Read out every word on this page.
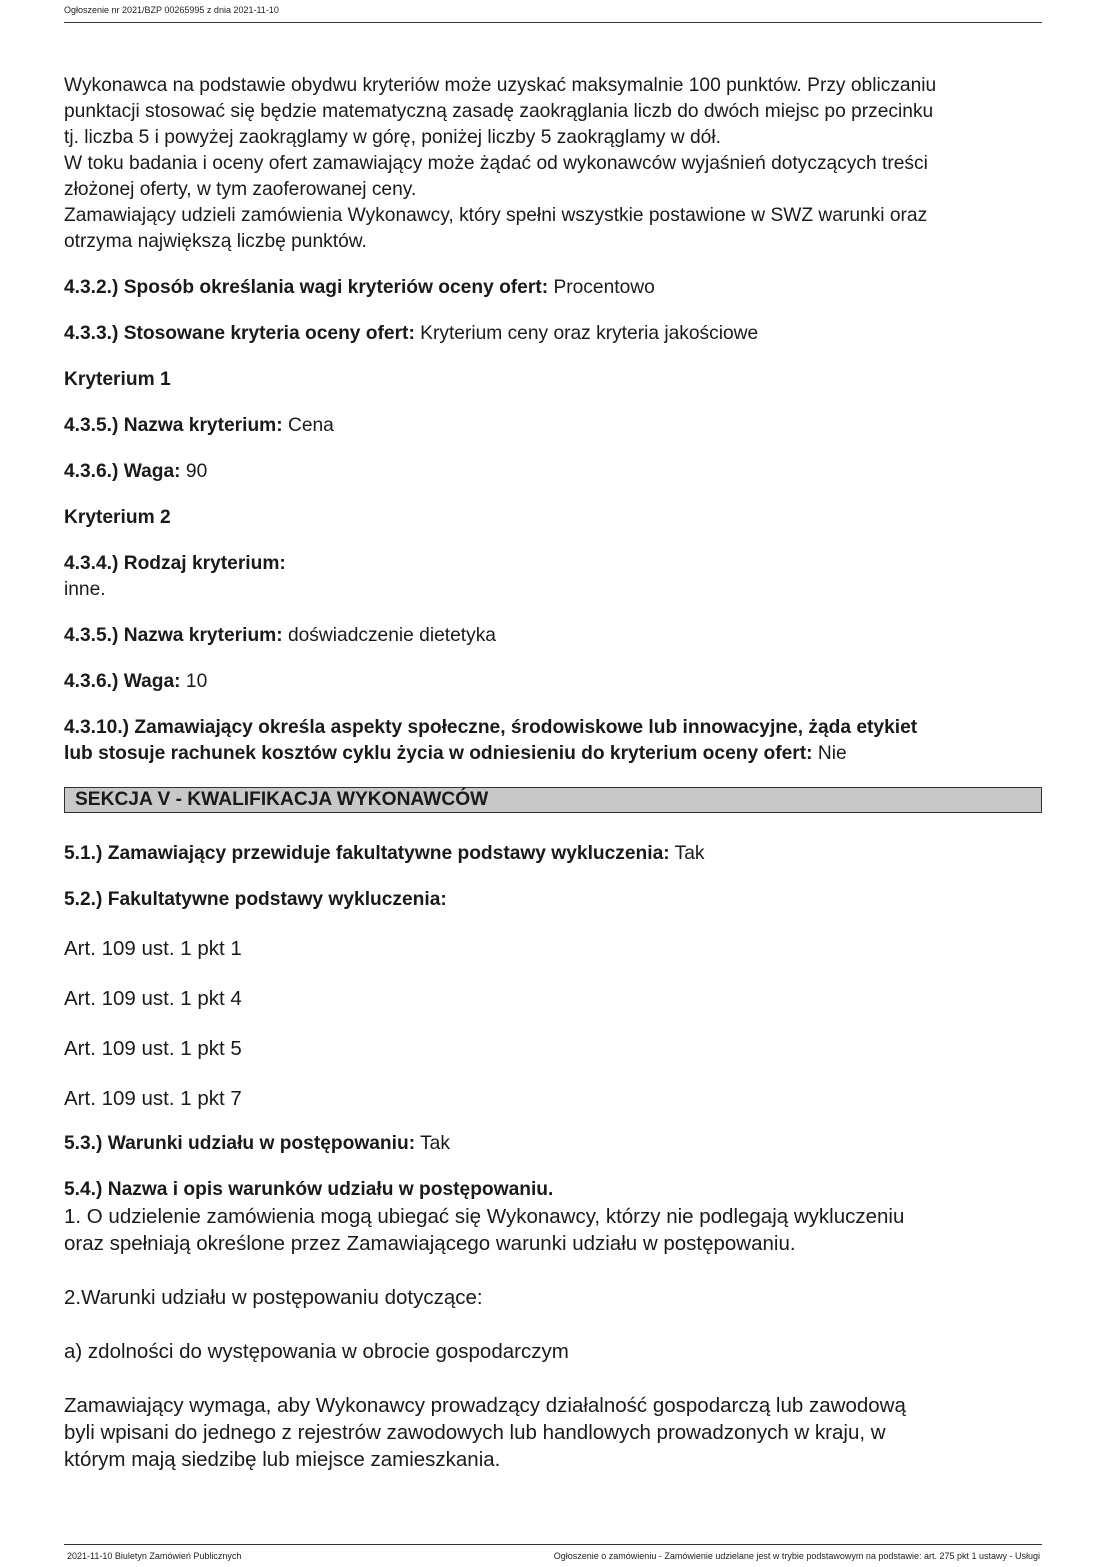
Ogłoszenie nr 2021/BZP 00265995 z dnia 2021-11-10

Wykonawca na podstawie obydwu kryteriów może uzyskać maksymalnie 100 punktów. Przy obliczaniu

punktacji stosować się będzie matematyczną zasadę zaokrąglania liczb do dwóch miejsc po przecinku

tj. liczba 5 i powyżej zaokrąglamy w górę, poniżej liczby 5 zaokrąglamy w dół.

W toku badania i oceny ofert zamawiający może żądać od wykonawców wyjaśnień dotyczących treści

złożonej oferty, w tym zaoferowanej ceny.

Zamawiający udzieli zamówienia Wykonawcy, który spełni wszystkie postawione w SWZ warunki oraz

otrzyma największą liczbę punktów.

4.3.2.) Sposób określania wagi kryteriów oceny ofert: Procentowo

4.3.3.) Stosowane kryteria oceny ofert: Kryterium ceny oraz kryteria jakościowe

Kryterium 1

4.3.5.) Nazwa kryterium: Cena

4.3.6.) Waga: 90

Kryterium 2

4.3.4.) Rodzaj kryterium:

inne.

4.3.5.) Nazwa kryterium: doświadczenie dietetyka

4.3.6.) Waga: 10

4.3.10.) Zamawiający określa aspekty społeczne, środowiskowe lub innowacyjne, żąda etykiet

lub stosuje rachunek kosztów cyklu życia w odniesieniu do kryterium oceny ofert: Nie

SEKCJA V - KWALIFIKACJA WYKONAWCÓW

5.1.) Zamawiający przewiduje fakultatywne podstawy wykluczenia: Tak

5.2.) Fakultatywne podstawy wykluczenia:

Art. 109 ust. 1 pkt 1

Art. 109 ust. 1 pkt 4

Art. 109 ust. 1 pkt 5

Art. 109 ust. 1 pkt 7

5.3.) Warunki udziału w postępowaniu: Tak

5.4.) Nazwa i opis warunków udziału w postępowaniu.

1. O udzielenie zamówienia mogą ubiegać się Wykonawcy, którzy nie podlegają wykluczeniu

oraz spełniają określone przez Zamawiającego warunki udziału w postępowaniu.

2.Warunki udziału w postępowaniu dotyczące:

a) zdolności do występowania w obrocie gospodarczym

Zamawiający wymaga, aby Wykonawcy prowadzący działalność gospodarczą lub zawodową

byli wpisani do jednego z rejestrów zawodowych lub handlowych prowadzonych w kraju, w

którym mają siedzibę lub miejsce zamieszkania.

2021-11-10 Biuletyn Zamówień Publicznych	Ogłoszenie o zamówieniu - Zamówienie udzielane jest w trybie podstawowym na podstawie: art. 275 pkt 1 ustawy - Usługi
